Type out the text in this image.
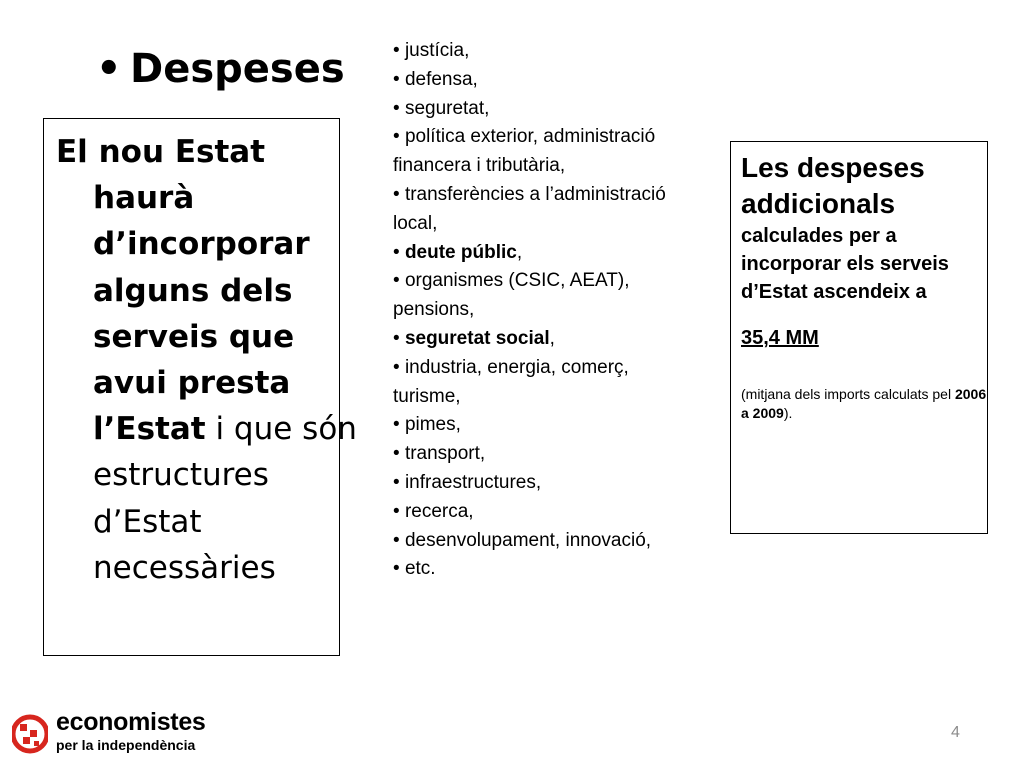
• Despeses

El nou Estat haurà d’incorporar alguns dels serveis que avui presta l’Estat i que són estructures d’Estat necessàries

• justícia,
• defensa,
• seguretat,
• política exterior, administració financera i tributària,
• transferències a l’administració local,
• deute públic,
• organismes (CSIC, AEAT), pensions,
• seguretat social,
• industria, energia, comerç, turisme,
• pimes,
• transport,
• infraestructures,
• recerca,
• desenvolupament, innovació,
• etc.

Les despeses addicionals

calculades per a incorporar els serveis d’Estat ascendeix a

35,4 MM

(mitjana dels imports calculats pel 2006 a 2009).

economistes
per la independència
4
